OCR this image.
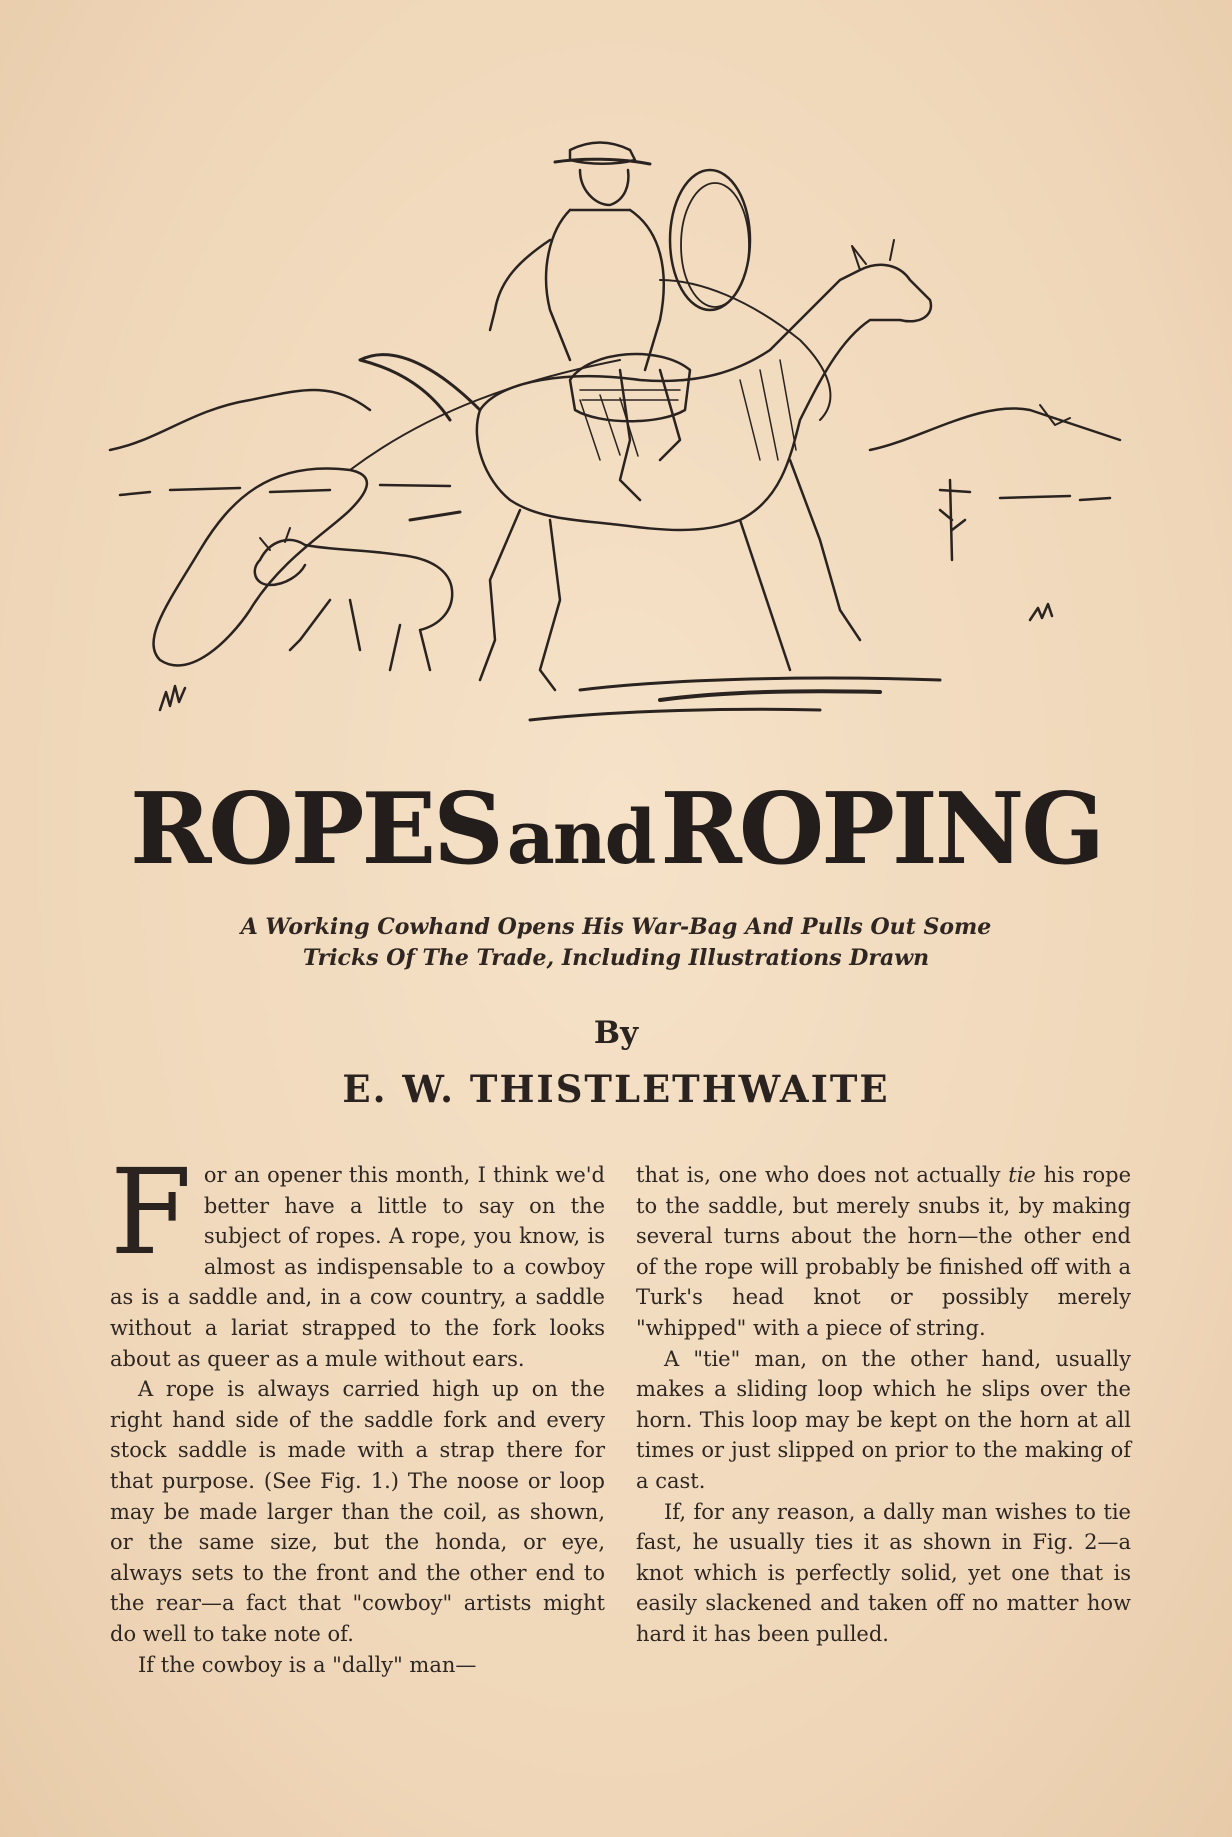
ROPESandROPING
A Working Cowhand Opens His War-Bag And Pulls Out Some
Tricks Of The Trade, Including Illustrations Drawn
By
E. W. THISTLETHWAITE

For an opener this month, I think we'd better have a little to say on the subject of ropes. A rope, you know, is almost as indispensable to a cowboy as is a saddle and, in a cow country, a saddle without a lariat strapped to the fork looks about as queer as a mule without ears.

A rope is always carried high up on the right hand side of the saddle fork and every stock saddle is made with a strap there for that purpose. (See Fig. 1.) The noose or loop may be made larger than the coil, as shown, or the same size, but the honda, or eye, always sets to the front and the other end to the rear—a fact that "cowboy" artists might do well to take note of.

If the cowboy is a "dally" man—

that is, one who does not actually tie his rope to the saddle, but merely snubs it, by making several turns about the horn—the other end of the rope will probably be finished off with a Turk's head knot or possibly merely "whipped" with a piece of string.

A "tie" man, on the other hand, usually makes a sliding loop which he slips over the horn. This loop may be kept on the horn at all times or just slipped on prior to the making of a cast.

If, for any reason, a dally man wishes to tie fast, he usually ties it as shown in Fig. 2—a knot which is perfectly solid, yet one that is easily slackened and taken off no matter how hard it has been pulled.
